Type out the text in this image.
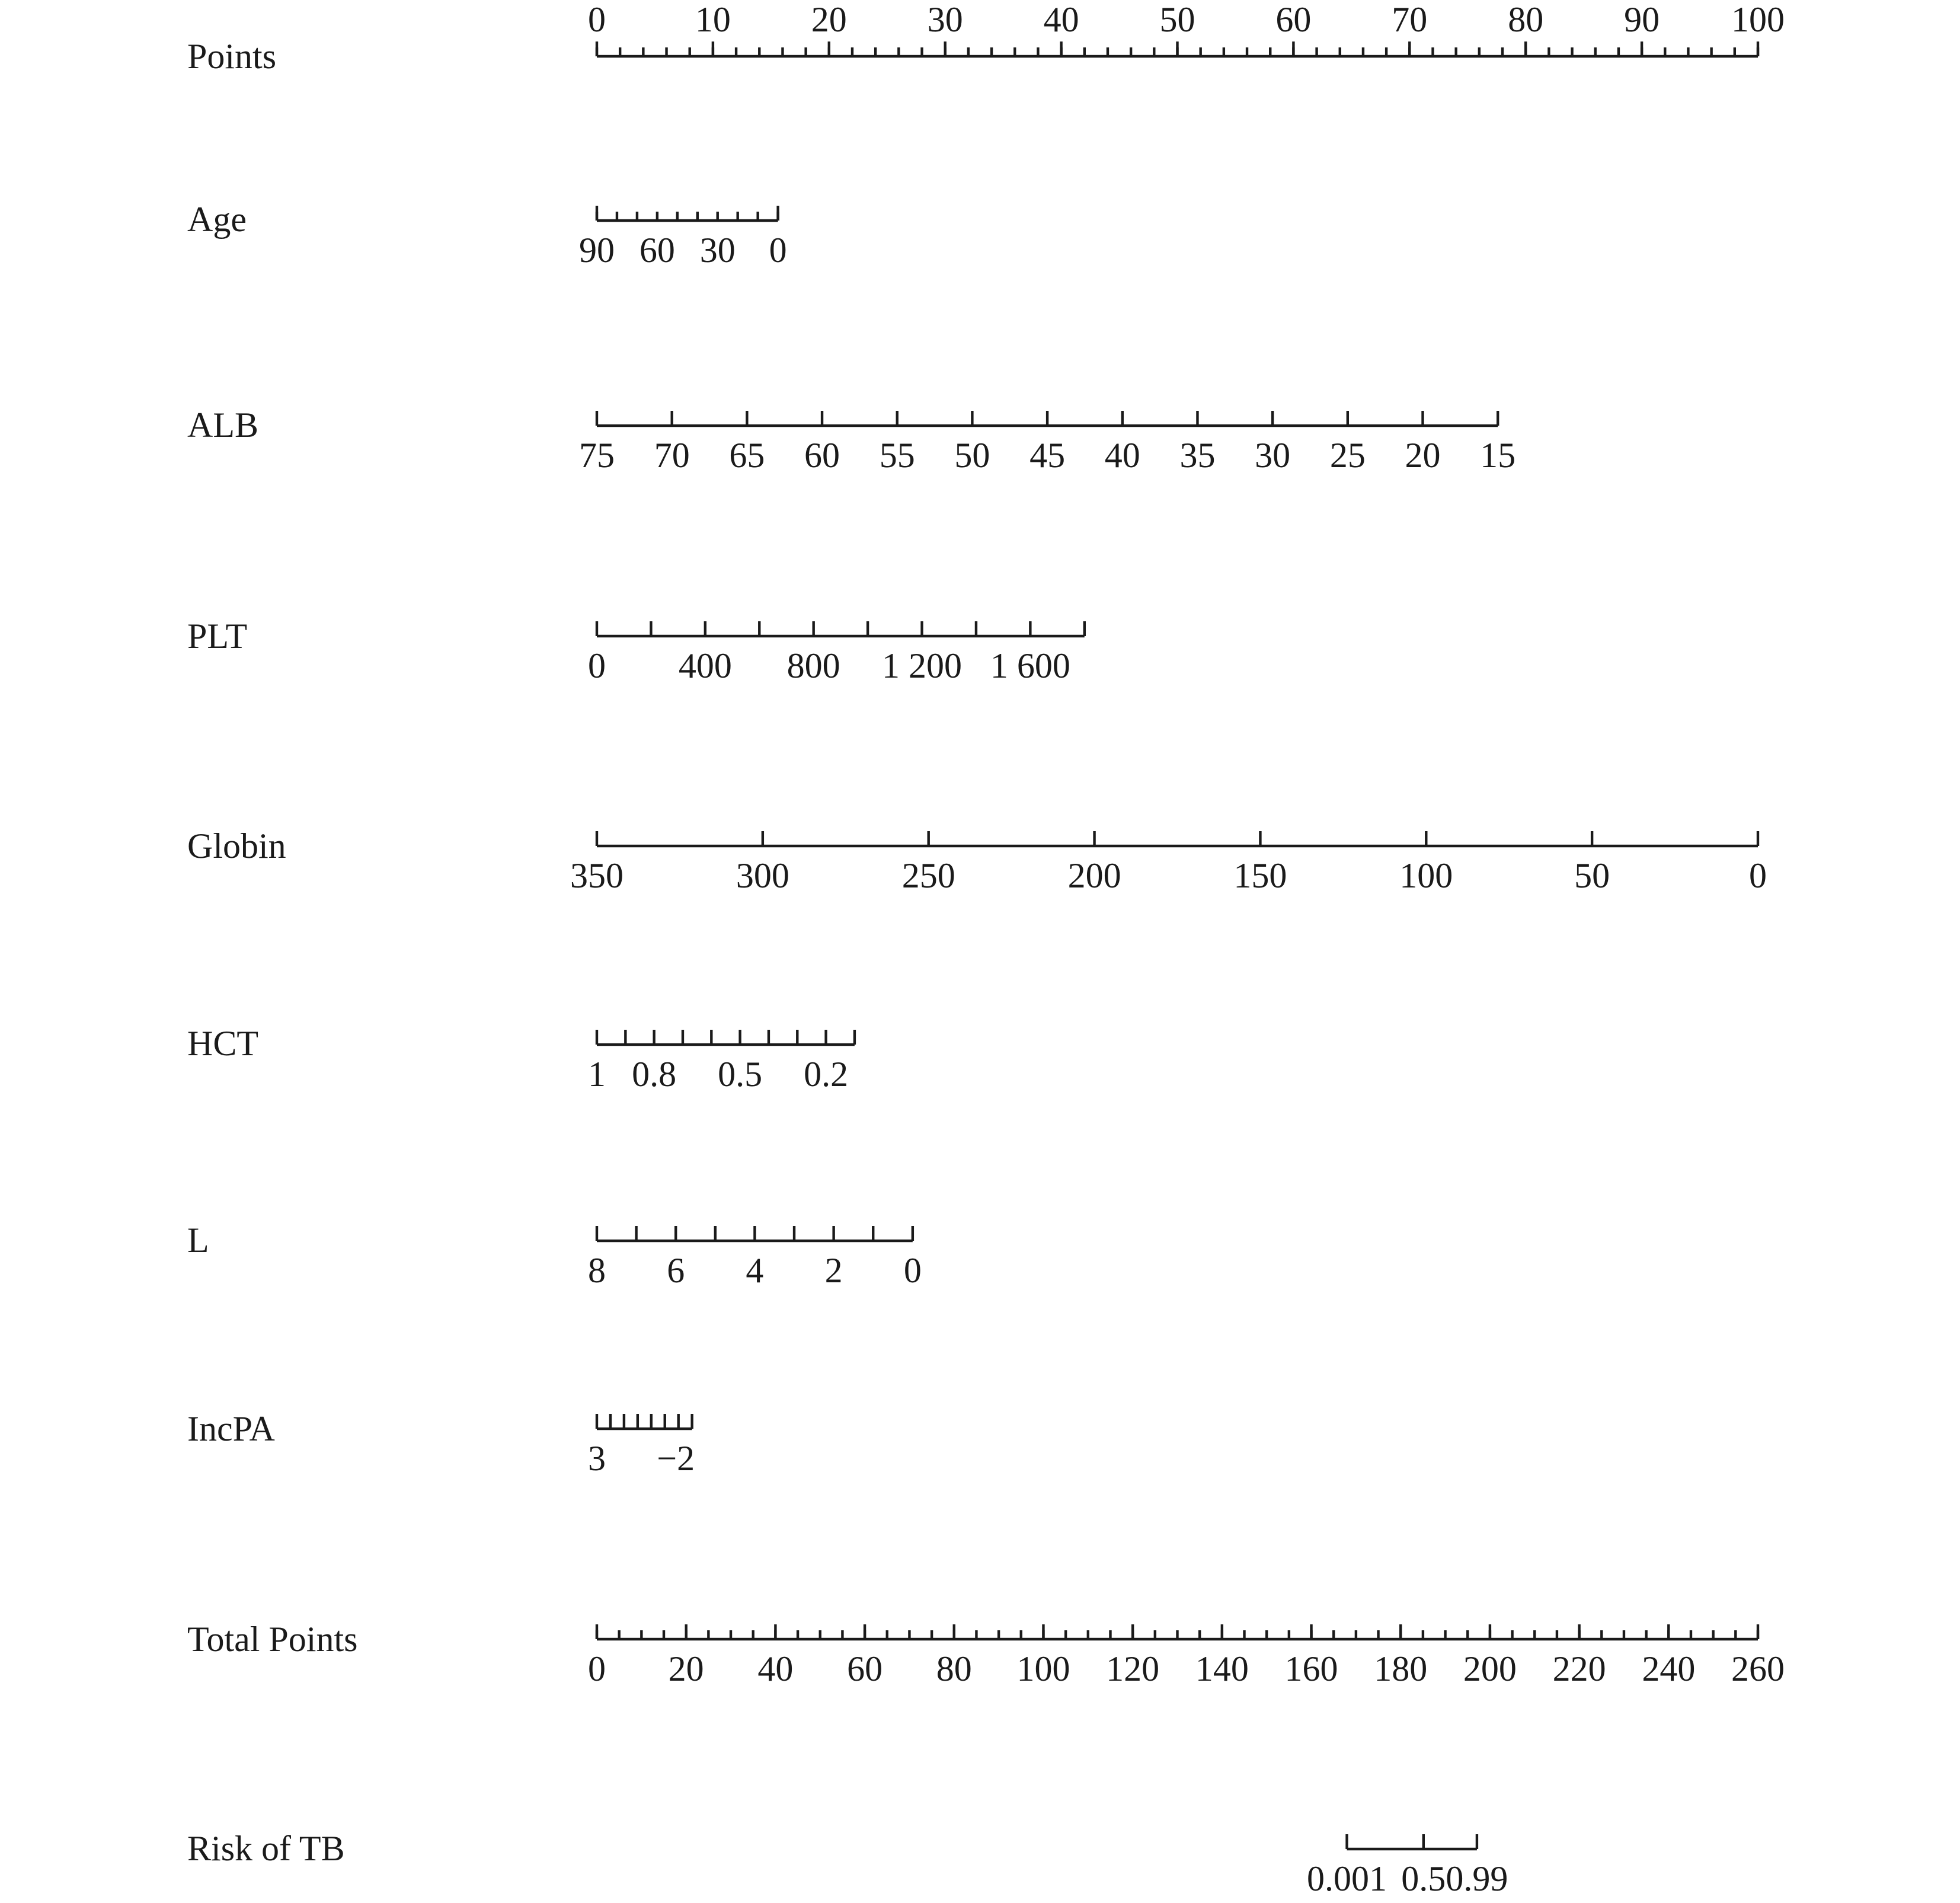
Points
0	10 20 30 40 50 60 70 80 90 100
Age
90 60 30 0
ALB
75 70 65 60 55 50 45 40 35 30 25 20 15
PLT
0 400 800 1 200 1 600
Globin
350	300	250	200	150	100	50	0
HCT
1 0.8 0.5 0.2
L
8 6 4 2 0
IncPA
3 −2
Total Points
0 20 40 60 80 100 120 140 160 180 200 220 240 260
Risk of TB
0.001 0.5 0.99
